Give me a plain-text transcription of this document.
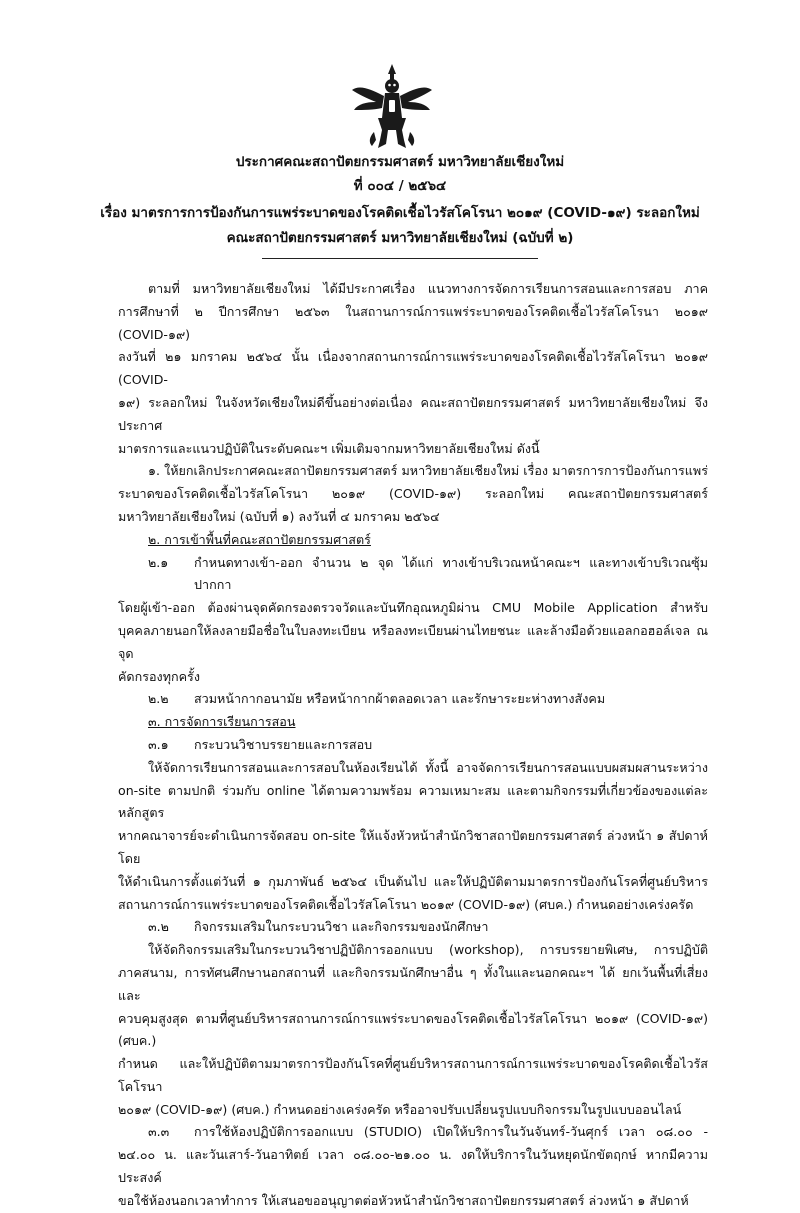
ประกาศคณะสถาปัตยกรรมศาสตร์ มหาวิทยาลัยเชียงใหม่
ที่ ๐๐๔ / ๒๕๖๔
เรื่อง มาตรการการป้องกันการแพร่ระบาดของโรคติดเชื้อไวรัสโคโรนา ๒๐๑๙ (COVID-๑๙) ระลอกใหม่
คณะสถาปัตยกรรมศาสตร์ มหาวิทยาลัยเชียงใหม่ (ฉบับที่ ๒)
ตามที่ มหาวิทยาลัยเชียงใหม่ ได้มีประกาศเรื่อง แนวทางการจัดการเรียนการสอนและการสอบ ภาค
การศึกษาที่ ๒ ปีการศึกษา ๒๕๖๓ ในสถานการณ์การแพร่ระบาดของโรคติดเชื้อไวรัสโคโรนา ๒๐๑๙ (COVID-๑๙)
ลงวันที่ ๒๑ มกราคม ๒๕๖๔ นั้น เนื่องจากสถานการณ์การแพร่ระบาดของโรคติดเชื้อไวรัสโคโรนา ๒๐๑๙ (COVID-
๑๙) ระลอกใหม่ ในจังหวัดเชียงใหม่ดีขึ้นอย่างต่อเนื่อง คณะสถาปัตยกรรมศาสตร์ มหาวิทยาลัยเชียงใหม่ จึงประกาศ
มาตรการและแนวปฏิบัติในระดับคณะฯ เพิ่มเติมจากมหาวิทยาลัยเชียงใหม่ ดังนี้
๑. ให้ยกเลิกประกาศคณะสถาปัตยกรรมศาสตร์ มหาวิทยาลัยเชียงใหม่ เรื่อง มาตรการการป้องกันการแพร่
ระบาดของโรคติดเชื้อไวรัสโคโรนา ๒๐๑๙ (COVID-๑๙) ระลอกใหม่ คณะสถาปัตยกรรมศาสตร์
มหาวิทยาลัยเชียงใหม่ (ฉบับที่ ๑) ลงวันที่ ๔ มกราคม ๒๕๖๔

๒. การเข้าพื้นที่คณะสถาปัตยกรรมศาสตร์

๒.๑	กำหนดทางเข้า-ออก จำนวน ๒ จุด ได้แก่ ทางเข้าบริเวณหน้าคณะฯ และทางเข้าบริเวณซุ้มปากกา
โดยผู้เข้า-ออก ต้องผ่านจุดคัดกรองตรวจวัดและบันทึกอุณหภูมิผ่าน CMU Mobile Application สำหรับ
บุคคลภายนอกให้ลงลายมือชื่อในใบลงทะเบียน หรือลงทะเบียนผ่านไทยชนะ และล้างมือด้วยแอลกอฮอล์เจล ณ จุด
คัดกรองทุกครั้ง
๒.๒	สวมหน้ากากอนามัย หรือหน้ากากผ้าตลอดเวลา และรักษาระยะห่างทางสังคม

๓. การจัดการเรียนการสอน

๓.๑	กระบวนวิชาบรรยายและการสอบ
ให้จัดการเรียนการสอนและการสอบในห้องเรียนได้ ทั้งนี้ อาจจัดการเรียนการสอนแบบผสมผสานระหว่าง
on-site ตามปกติ ร่วมกับ online ได้ตามความพร้อม ความเหมาะสม และตามกิจกรรมที่เกี่ยวข้องของแต่ละหลักสูตร
หากคณาจารย์จะดำเนินการจัดสอบ on-site ให้แจ้งหัวหน้าสำนักวิชาสถาปัตยกรรมศาสตร์ ล่วงหน้า ๑ สัปดาห์ โดย
ให้ดำเนินการตั้งแต่วันที่ ๑ กุมภาพันธ์ ๒๕๖๔ เป็นต้นไป และให้ปฏิบัติตามมาตรการป้องกันโรคที่ศูนย์บริหาร
สถานการณ์การแพร่ระบาดของโรคติดเชื้อไวรัสโคโรนา ๒๐๑๙ (COVID-๑๙) (ศบค.) กำหนดอย่างเคร่งครัด
๓.๒	กิจกรรมเสริมในกระบวนวิชา และกิจกรรมของนักศึกษา
ให้จัดกิจกรรมเสริมในกระบวนวิชาปฏิบัติการออกแบบ (workshop), การบรรยายพิเศษ, การปฏิบัติ
ภาคสนาม, การทัศนศึกษานอกสถานที่ และกิจกรรมนักศึกษาอื่น ๆ ทั้งในและนอกคณะฯ ได้ ยกเว้นพื้นที่เสี่ยงและ
ควบคุมสูงสุด ตามที่ศูนย์บริหารสถานการณ์การแพร่ระบาดของโรคติดเชื้อไวรัสโคโรนา ๒๐๑๙ (COVID-๑๙) (ศบค.)
กำหนด และให้ปฏิบัติตามมาตรการป้องกันโรคที่ศูนย์บริหารสถานการณ์การแพร่ระบาดของโรคติดเชื้อไวรัสโคโรนา
๒๐๑๙ (COVID-๑๙) (ศบค.) กำหนดอย่างเคร่งครัด หรืออาจปรับเปลี่ยนรูปแบบกิจกรรมในรูปแบบออนไลน์
๓.๓	การใช้ห้องปฏิบัติการออกแบบ (STUDIO) เปิดให้บริการในวันจันทร์-วันศุกร์ เวลา ๐๘.๐๐ -
๒๔.๐๐ น. และวันเสาร์-วันอาทิตย์ เวลา ๐๘.๐๐-๒๑.๐๐ น. งดให้บริการในวันหยุดนักขัตฤกษ์ หากมีความประสงค์
ขอใช้ห้องนอกเวลาทำการ ให้เสนอขออนุญาตต่อหัวหน้าสำนักวิชาสถาปัตยกรรมศาสตร์ ล่วงหน้า ๑ สัปดาห์
